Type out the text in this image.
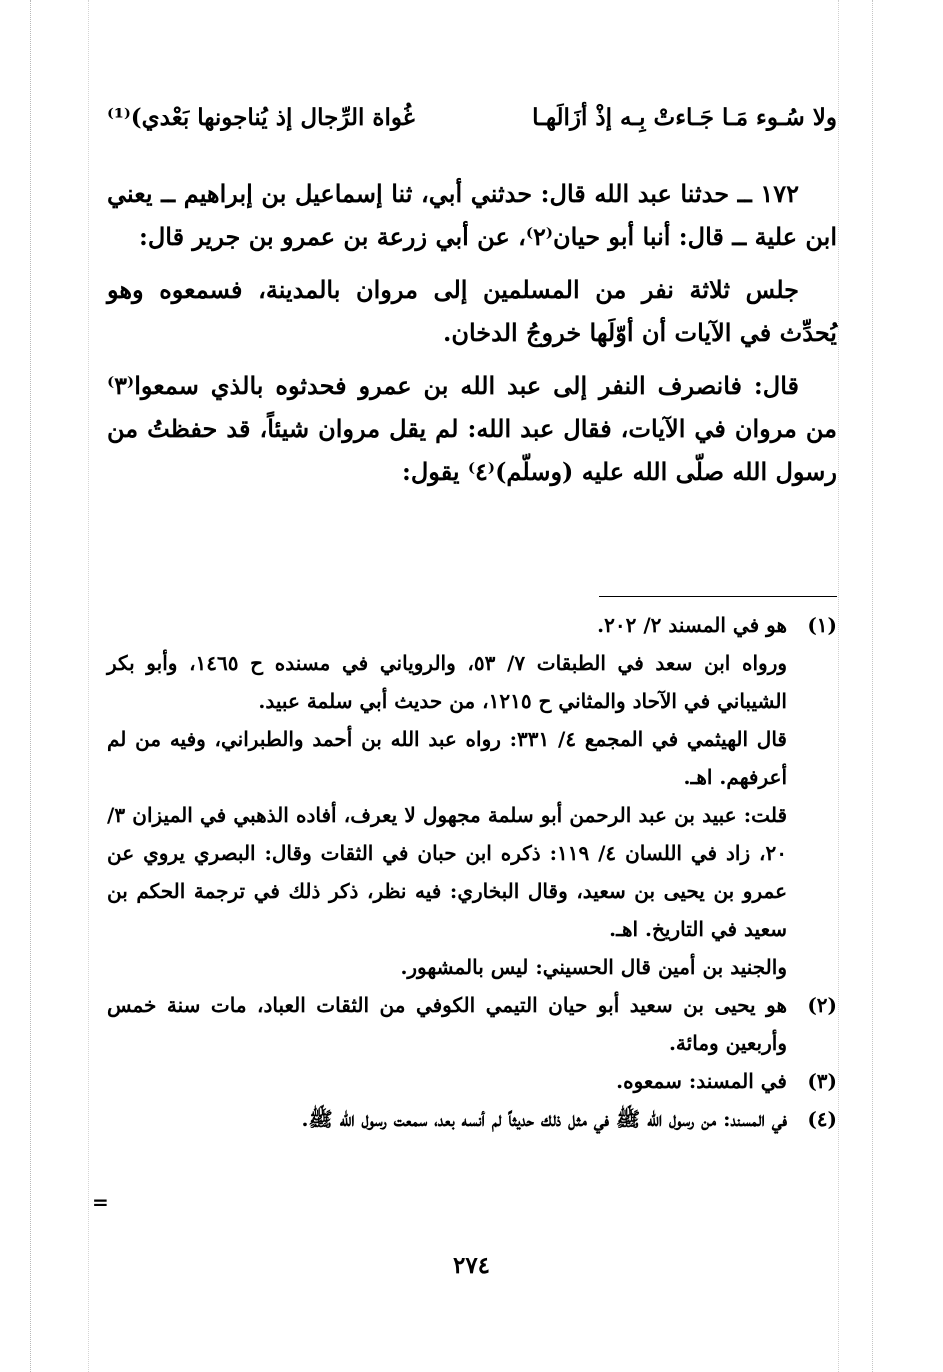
ولا سُـوء مَـا جَـاءتْ بِـه إذْ أزَالَهـا
غُواة الرِّجال إذ يُناجونها بَعْدي)⁽¹⁾

١٧٢ ــ حدثنا عبد الله قال: حدثني أبي، ثنا إسماعيل بن إبراهيم ــ يعني ابن علية ــ قال: أنبا أبو حيان⁽٢⁾، عن أبي زرعة بن عمرو بن جرير قال:

جلس ثلاثة نفر من المسلمين إلى مروان بالمدينة، فسمعوه وهو يُحدِّث في الآيات أن أوّلَها خروجُ الدخان.

قال: فانصرف النفر إلى عبد الله بن عمرو فحدثوه بالذي سمعوا⁽٣⁾ من مروان في الآيات، فقال عبد الله: لم يقل مروان شيئاً، قد حفظتُ من رسول الله صلّى الله عليه (وسلّم)⁽٤⁾ يقول:

(١)

هو في المسند ٢/ ٢٠٢.

ورواه ابن سعد في الطبقات ٧/ ٥٣، والروياني في مسنده ح ١٤٦٥، وأبو بكر الشيباني في الآحاد والمثاني ح ١٢١٥، من حديث أبي سلمة عبيد.

قال الهيثمي في المجمع ٤/ ٣٣١: رواه عبد الله بن أحمد والطبراني، وفيه من لم أعرفهم. اهـ.

قلت: عبيد بن عبد الرحمن أبو سلمة مجهول لا يعرف، أفاده الذهبي في الميزان ٣/ ٢٠، زاد في اللسان ٤/ ١١٩: ذكره ابن حبان في الثقات وقال: البصري يروي عن عمرو بن يحيى بن سعيد، وقال البخاري: فيه نظر، ذكر ذلك في ترجمة الحكم بن سعيد في التاريخ. اهـ.

والجنيد بن أمين قال الحسيني: ليس بالمشهور.

(٢)

هو يحيى بن سعيد أبو حيان التيمي الكوفي من الثقات العباد، مات سنة خمس وأربعين ومائة.

(٣)

في المسند: سمعوه.

(٤)

في المسند: من رسول الله ﷺ في مثل ذلك حديثاً لم أنسه بعد، سمعت رسول الله ﷺ.

=
٢٧٤
